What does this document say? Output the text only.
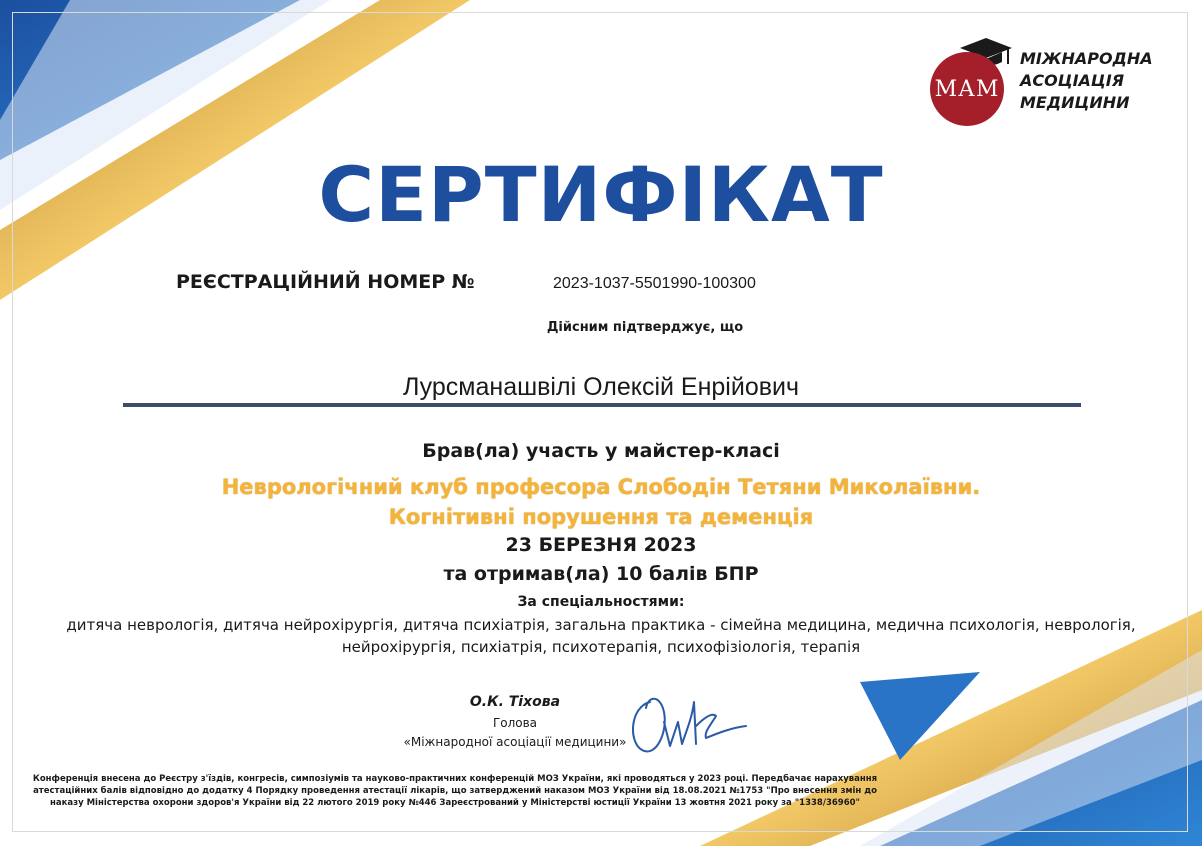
МАМ
МІЖНАРОДНА
АСОЦІАЦІЯ
МЕДИЦИНИ
СЕРТИФІКАТ
РЕЄСТРАЦІЙНИЙ НОМЕР №	2023-1037-5501990-100300
Дійсним підтверджує, що
Лурсманашвілі Олексій Енрійович
Брав(ла) участь у майстер-класі
Неврологічний клуб професора Слободін Тетяни Миколаївни.
Когнітивні порушення та деменція
23 БЕРЕЗНЯ 2023
та отримав(ла) 10 балів БПР
За спеціальностями:
дитяча неврологія, дитяча нейрохірургія, дитяча психіатрія, загальна практика - сімейна медицина, медична психологія, неврологія,
нейрохірургія, психіатрія, психотерапія, психофізіологія, терапія
О.К. Тіхова
Голова
«Міжнародної асоціації медицини»
Конференція внесена до Реєстру з'їздів, конгресів, симпозіумів та науково-практичних конференцій МОЗ України, які проводяться у 2023 році. Передбачає нарахування
атестаційних балів відповідно до додатку 4 Порядку проведення атестації лікарів, що затверджений наказом МОЗ України від 18.08.2021 №1753 "Про внесення змін до
наказу Міністерства охорони здоров'я України від 22 лютого 2019 року №446 Зареєстрований у Міністерстві юстиції України 13 жовтня 2021 року за "1338/36960"
